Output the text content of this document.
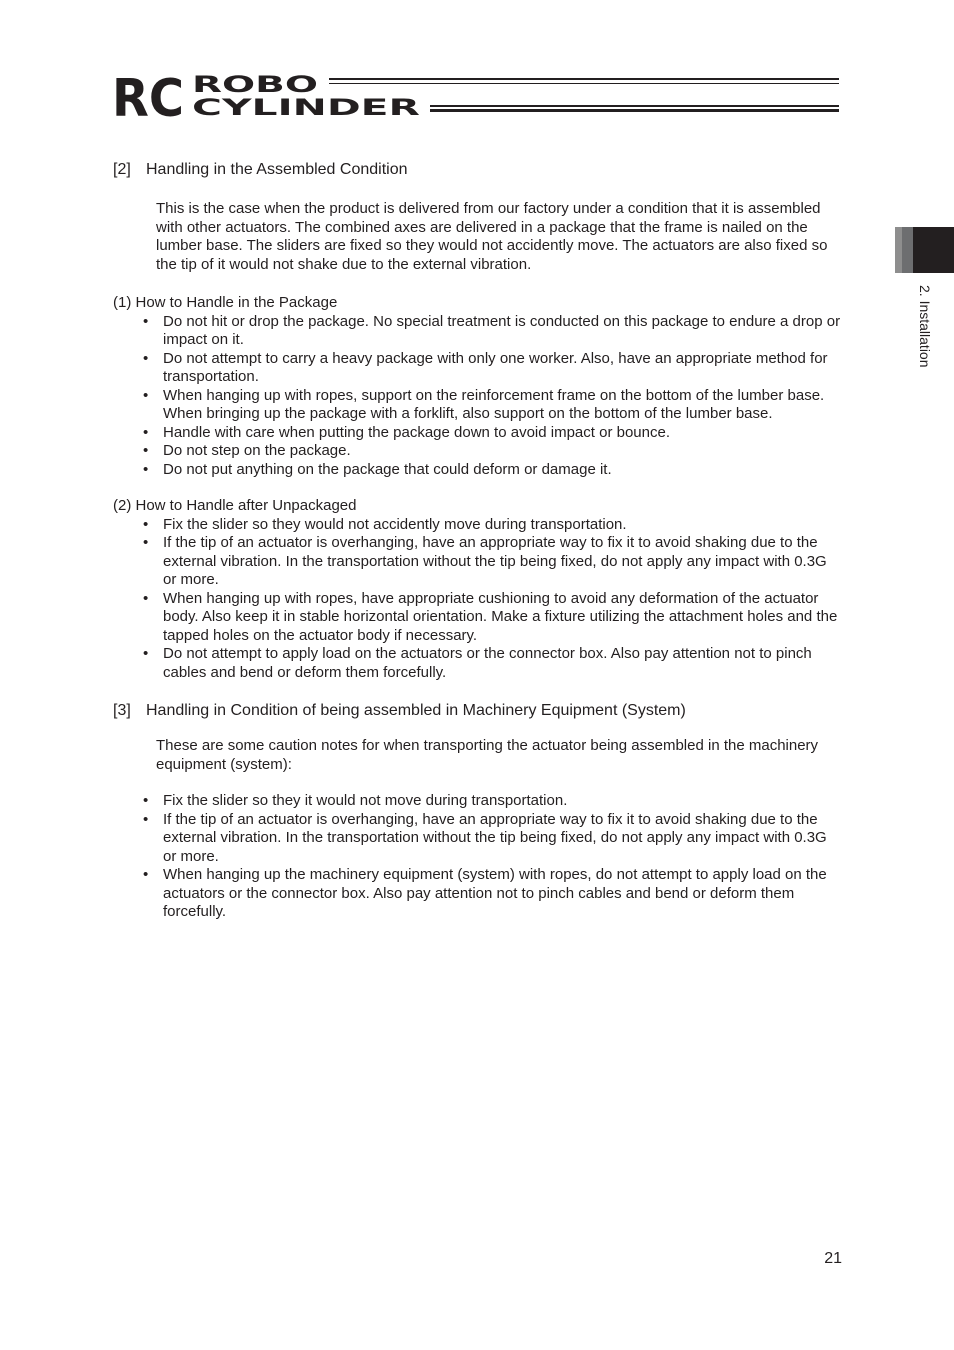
RC ROBO
CYLINDER
2. Installation
[2] Handling in the Assembled Condition

This is the case when the product is delivered from our factory under a condition that it is assembled with other actuators. The combined axes are delivered in a package that the frame is nailed on the lumber base. The sliders are fixed so they would not accidently move. The actuators are also fixed so the tip of it would not shake due to the external vibration.

(1) How to Handle in the Package
• Do not hit or drop the package. No special treatment is conducted on this package to endure a drop or impact on it.
• Do not attempt to carry a heavy package with only one worker. Also, have an appropriate method for transportation.
• When hanging up with ropes, support on the reinforcement frame on the bottom of the lumber base. When bringing up the package with a forklift, also support on the bottom of the lumber base.
• Handle with care when putting the package down to avoid impact or bounce.
• Do not step on the package.
• Do not put anything on the package that could deform or damage it.
(2) How to Handle after Unpackaged
• Fix the slider so they would not accidently move during transportation.
• If the tip of an actuator is overhanging, have an appropriate way to fix it to avoid shaking due to the external vibration. In the transportation without the tip being fixed, do not apply any impact with 0.3G or more.
• When hanging up with ropes, have appropriate cushioning to avoid any deformation of the actuator body. Also keep it in stable horizontal orientation. Make a fixture utilizing the attachment holes and the tapped holes on the actuator body if necessary.
• Do not attempt to apply load on the actuators or the connector box. Also pay attention not to pinch cables and bend or deform them forcefully.
[3] Handling in Condition of being assembled in Machinery Equipment (System)

These are some caution notes for when transporting the actuator being assembled in the machinery equipment (system):

• Fix the slider so they it would not move during transportation.
• If the tip of an actuator is overhanging, have an appropriate way to fix it to avoid shaking due to the external vibration. In the transportation without the tip being fixed, do not apply any impact with 0.3G or more.
• When hanging up the machinery equipment (system) with ropes, do not attempt to apply load on the actuators or the connector box. Also pay attention not to pinch cables and bend or deform them forcefully.
21
